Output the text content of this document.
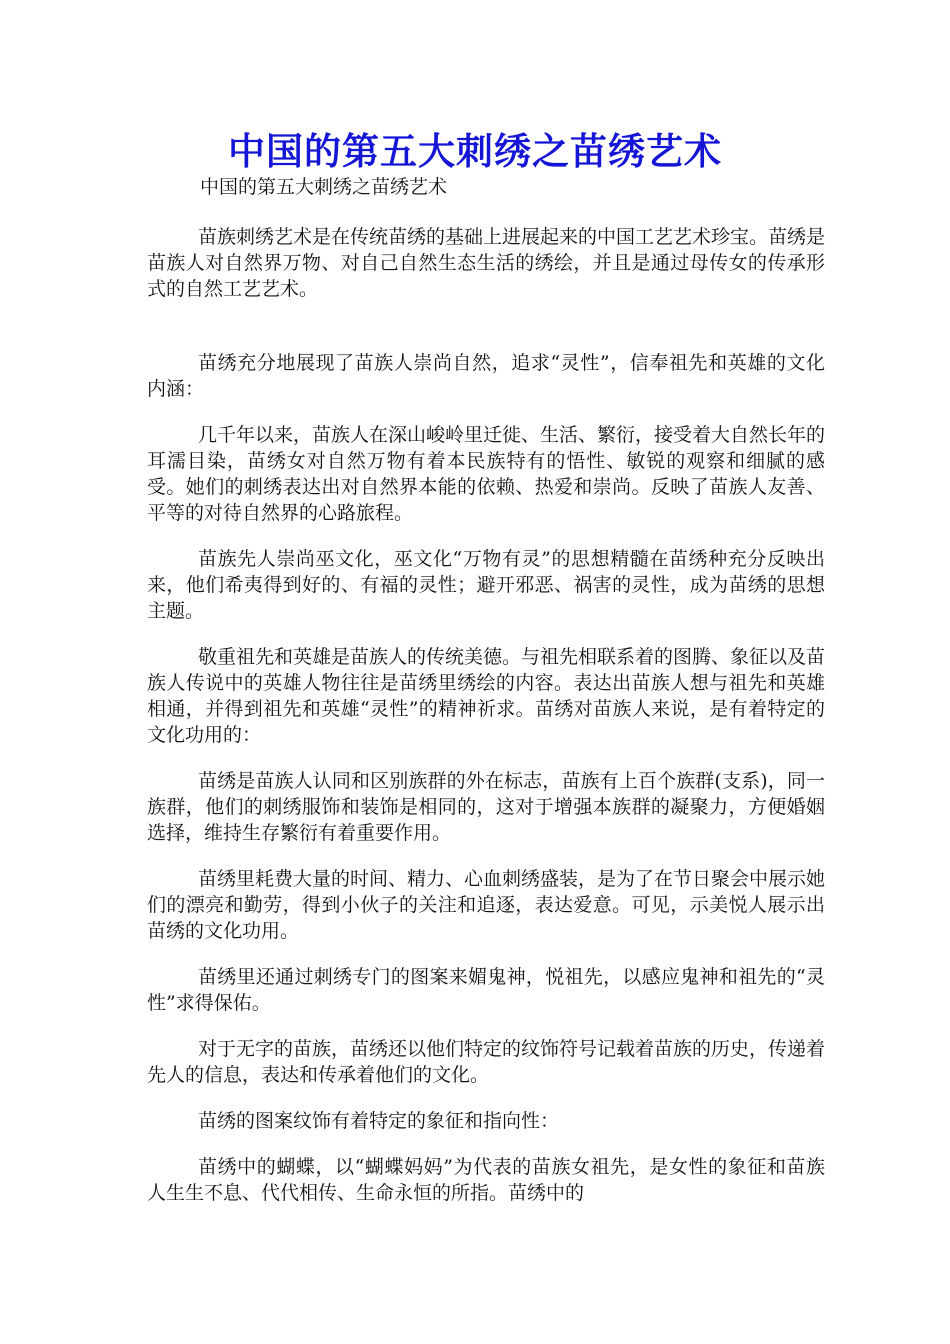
中国的第五大刺绣之苗绣艺术
中国的第五大刺绣之苗绣艺术

苗族刺绣艺术是在传统苗绣的基础上进展起来的中国工艺艺术珍宝。苗绣是苗族人对自然界万物、对自己自然生态生活的绣绘，并且是通过母传女的传承形式的自然工艺艺术。

苗绣充分地展现了苗族人崇尚自然，追求“灵性”，信奉祖先和英雄的文化内涵：

几千年以来，苗族人在深山峻岭里迁徙、生活、繁衍，接受着大自然长年的耳濡目染，苗绣女对自然万物有着本民族特有的悟性、敏锐的观察和细腻的感受。她们的刺绣表达出对自然界本能的依赖、热爱和崇尚。反映了苗族人友善、平等的对待自然界的心路旅程。

苗族先人崇尚巫文化，巫文化“万物有灵”的思想精髓在苗绣种充分反映出来，他们希夷得到好的、有福的灵性；避开邪恶、祸害的灵性，成为苗绣的思想主题。

敬重祖先和英雄是苗族人的传统美德。与祖先相联系着的图腾、象征以及苗族人传说中的英雄人物往往是苗绣里绣绘的内容。表达出苗族人想与祖先和英雄相通，并得到祖先和英雄“灵性”的精神祈求。苗绣对苗族人来说，是有着特定的文化功用的：

苗绣是苗族人认同和区别族群的外在标志，苗族有上百个族群(支系)，同一族群，他们的刺绣服饰和装饰是相同的，这对于增强本族群的凝聚力，方便婚姻选择，维持生存繁衍有着重要作用。

苗绣里耗费大量的时间、精力、心血刺绣盛装，是为了在节日聚会中展示她们的漂亮和勤劳，得到小伙子的关注和追逐，表达爱意。可见，示美悦人展示出苗绣的文化功用。

苗绣里还通过刺绣专门的图案来媚鬼神，悦祖先，以感应鬼神和祖先的“灵性”求得保佑。

对于无字的苗族，苗绣还以他们特定的纹饰符号记载着苗族的历史，传递着先人的信息，表达和传承着他们的文化。

苗绣的图案纹饰有着特定的象征和指向性：

苗绣中的蝴蝶，以“蝴蝶妈妈”为代表的苗族女祖先，是女性的象征和苗族人生生不息、代代相传、生命永恒的所指。苗绣中的
